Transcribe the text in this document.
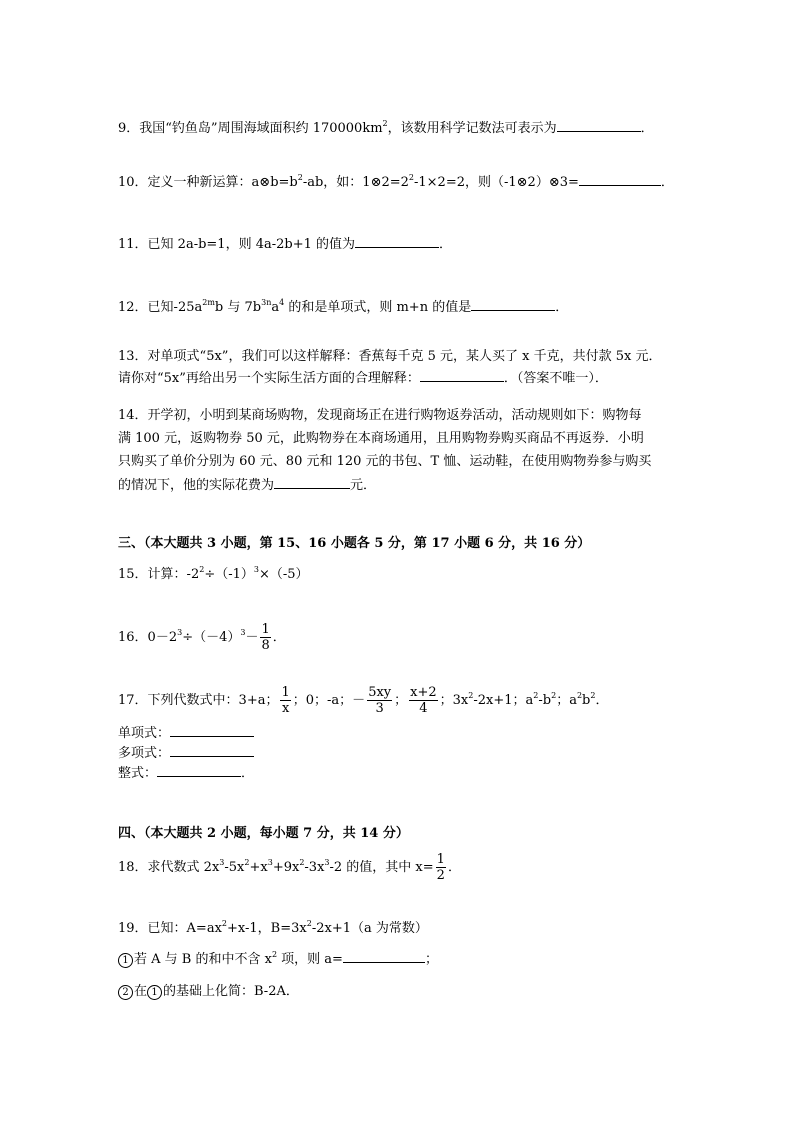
9．我国“钓鱼岛”周围海域面积约 $170000km^2$，该数用科学记数法可表示为	．
10．定义一种新运算：$a\otimes b=b^2-ab$，如：$1\otimes 2=2^2-1\times 2=2$，则（-1⊗2）⊗3=	．
11．已知 2a-b=1，则 4a-2b+1 的值为	．
12．已知$-25a^{2m}b$ 与 $7b^{3n}a^4$ 的和是单项式，则 m+n 的值是	．
13．对单项式“5x”，我们可以这样解释：香蕉每千克 5 元，某人买了 x 千克，共付款 5x 元．
请你对“5x”再给出另一个实际生活方面的合理解释：	．（答案不唯一）．
14．开学初，小明到某商场购物，发现商场正在进行购物返券活动，活动规则如下：购物每
满 100 元，返购物券 50 元，此购物券在本商场通用，且用购物券购买商品不再返券．小明
只购买了单价分别为 60 元、80 元和 120 元的书包、T 恤、运动鞋，在使用购物券参与购买
的情况下，他的实际花费为	元．
三、（本大题共 3 小题，第 15、16 小题各 5 分，第 17 小题 6 分，共 16 分）
15．计算：$-2^2\div(-1)^3\times(-5)$
16．$0-2^3\div(-4)^3- \frac{1}{8}$ ．
17．下列代数式中：3+a； $\frac{1}{x}$ ；0；-a；－ $\frac{5xy}{3}$ ； $\frac{x+2}{4}$ ；$3x^2-2x+1$；$a^2-b^2$；$a^2b^2$．
单项式：
多项式：
整式：	．
四、（本大题共 2 小题，每小题 7 分，共 14 分）
18．求代数式 $2x^3-5x^2+x^3+9x^2-3x^3-2$ 的值，其中 $x= \frac{1}{2}$ ．
19．已知：$A=ax^2+x-1$，$B=3x^2-2x+1(a$ 为常数）
1 若 A 与 B 的和中不含 $x^2$ 项，则 a=	；
2 在 1 的基础上化简：B-2A．
